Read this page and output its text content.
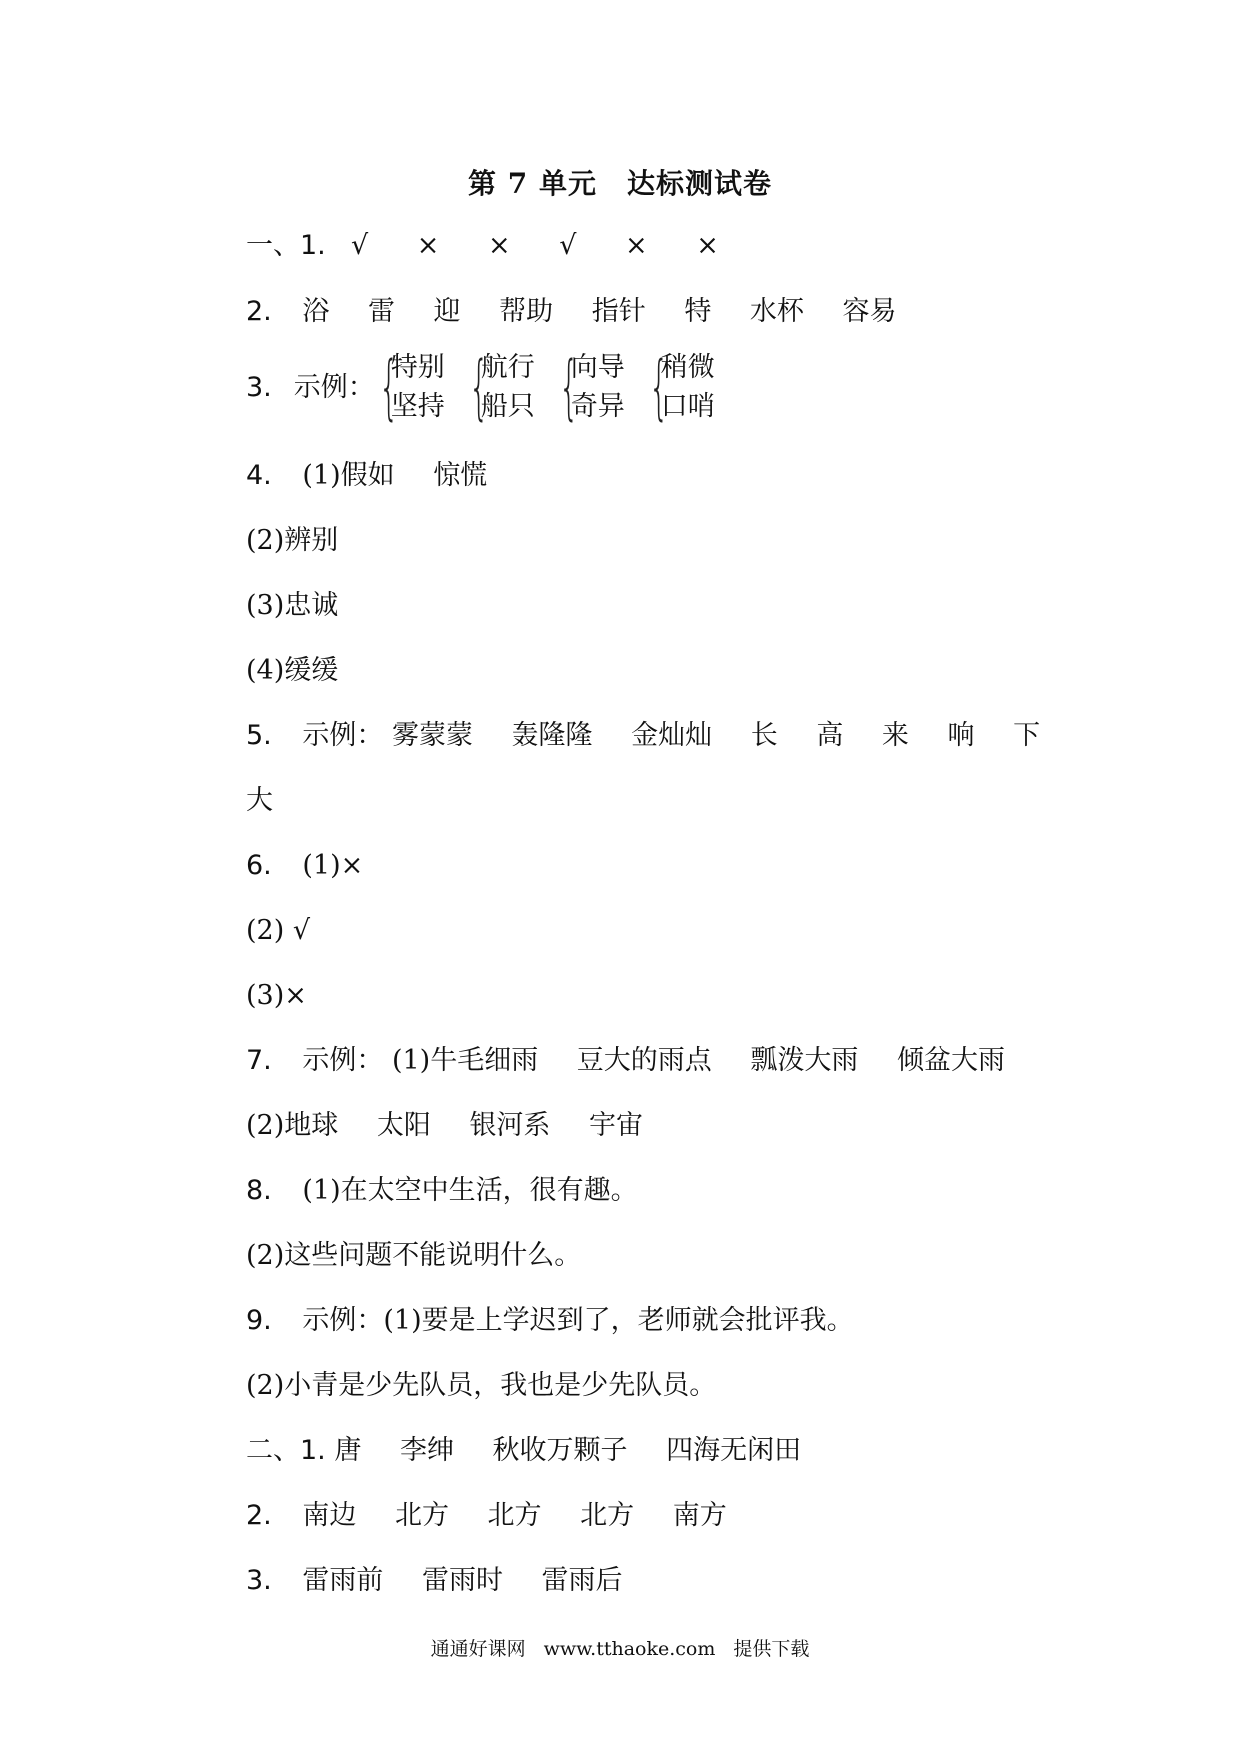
第 7 单元 达标测试卷
一、1. √ × × √ × ×
2. 浴 雷 迎 帮助 指针 特 水杯 容易
3. 示例： {
特别
坚持 {
航行
船只 {
向导
奇异 {
稍微
口哨
4. (1)假如 惊慌
(2)辨别
(3)忠诚
(4)缓缓
5. 示例： 雾蒙蒙 轰隆隆 金灿灿 长 高 来 响 下
大
6. (1)×
(2) √
(3)×
7. 示例： (1)牛毛细雨 豆大的雨点 瓢泼大雨 倾盆大雨
(2)地球 太阳 银河系 宇宙
8. (1)在太空中生活，很有趣。
(2)这些问题不能说明什么。
9. 示例：(1)要是上学迟到了，老师就会批评我。
(2)小青是少先队员，我也是少先队员。
二、1. 唐 李绅 秋收万颗子 四海无闲田
2. 南边 北方 北方 北方 南方
3. 雷雨前 雷雨时 雷雨后
通通好课网 www.tthaoke.com 提供下载
